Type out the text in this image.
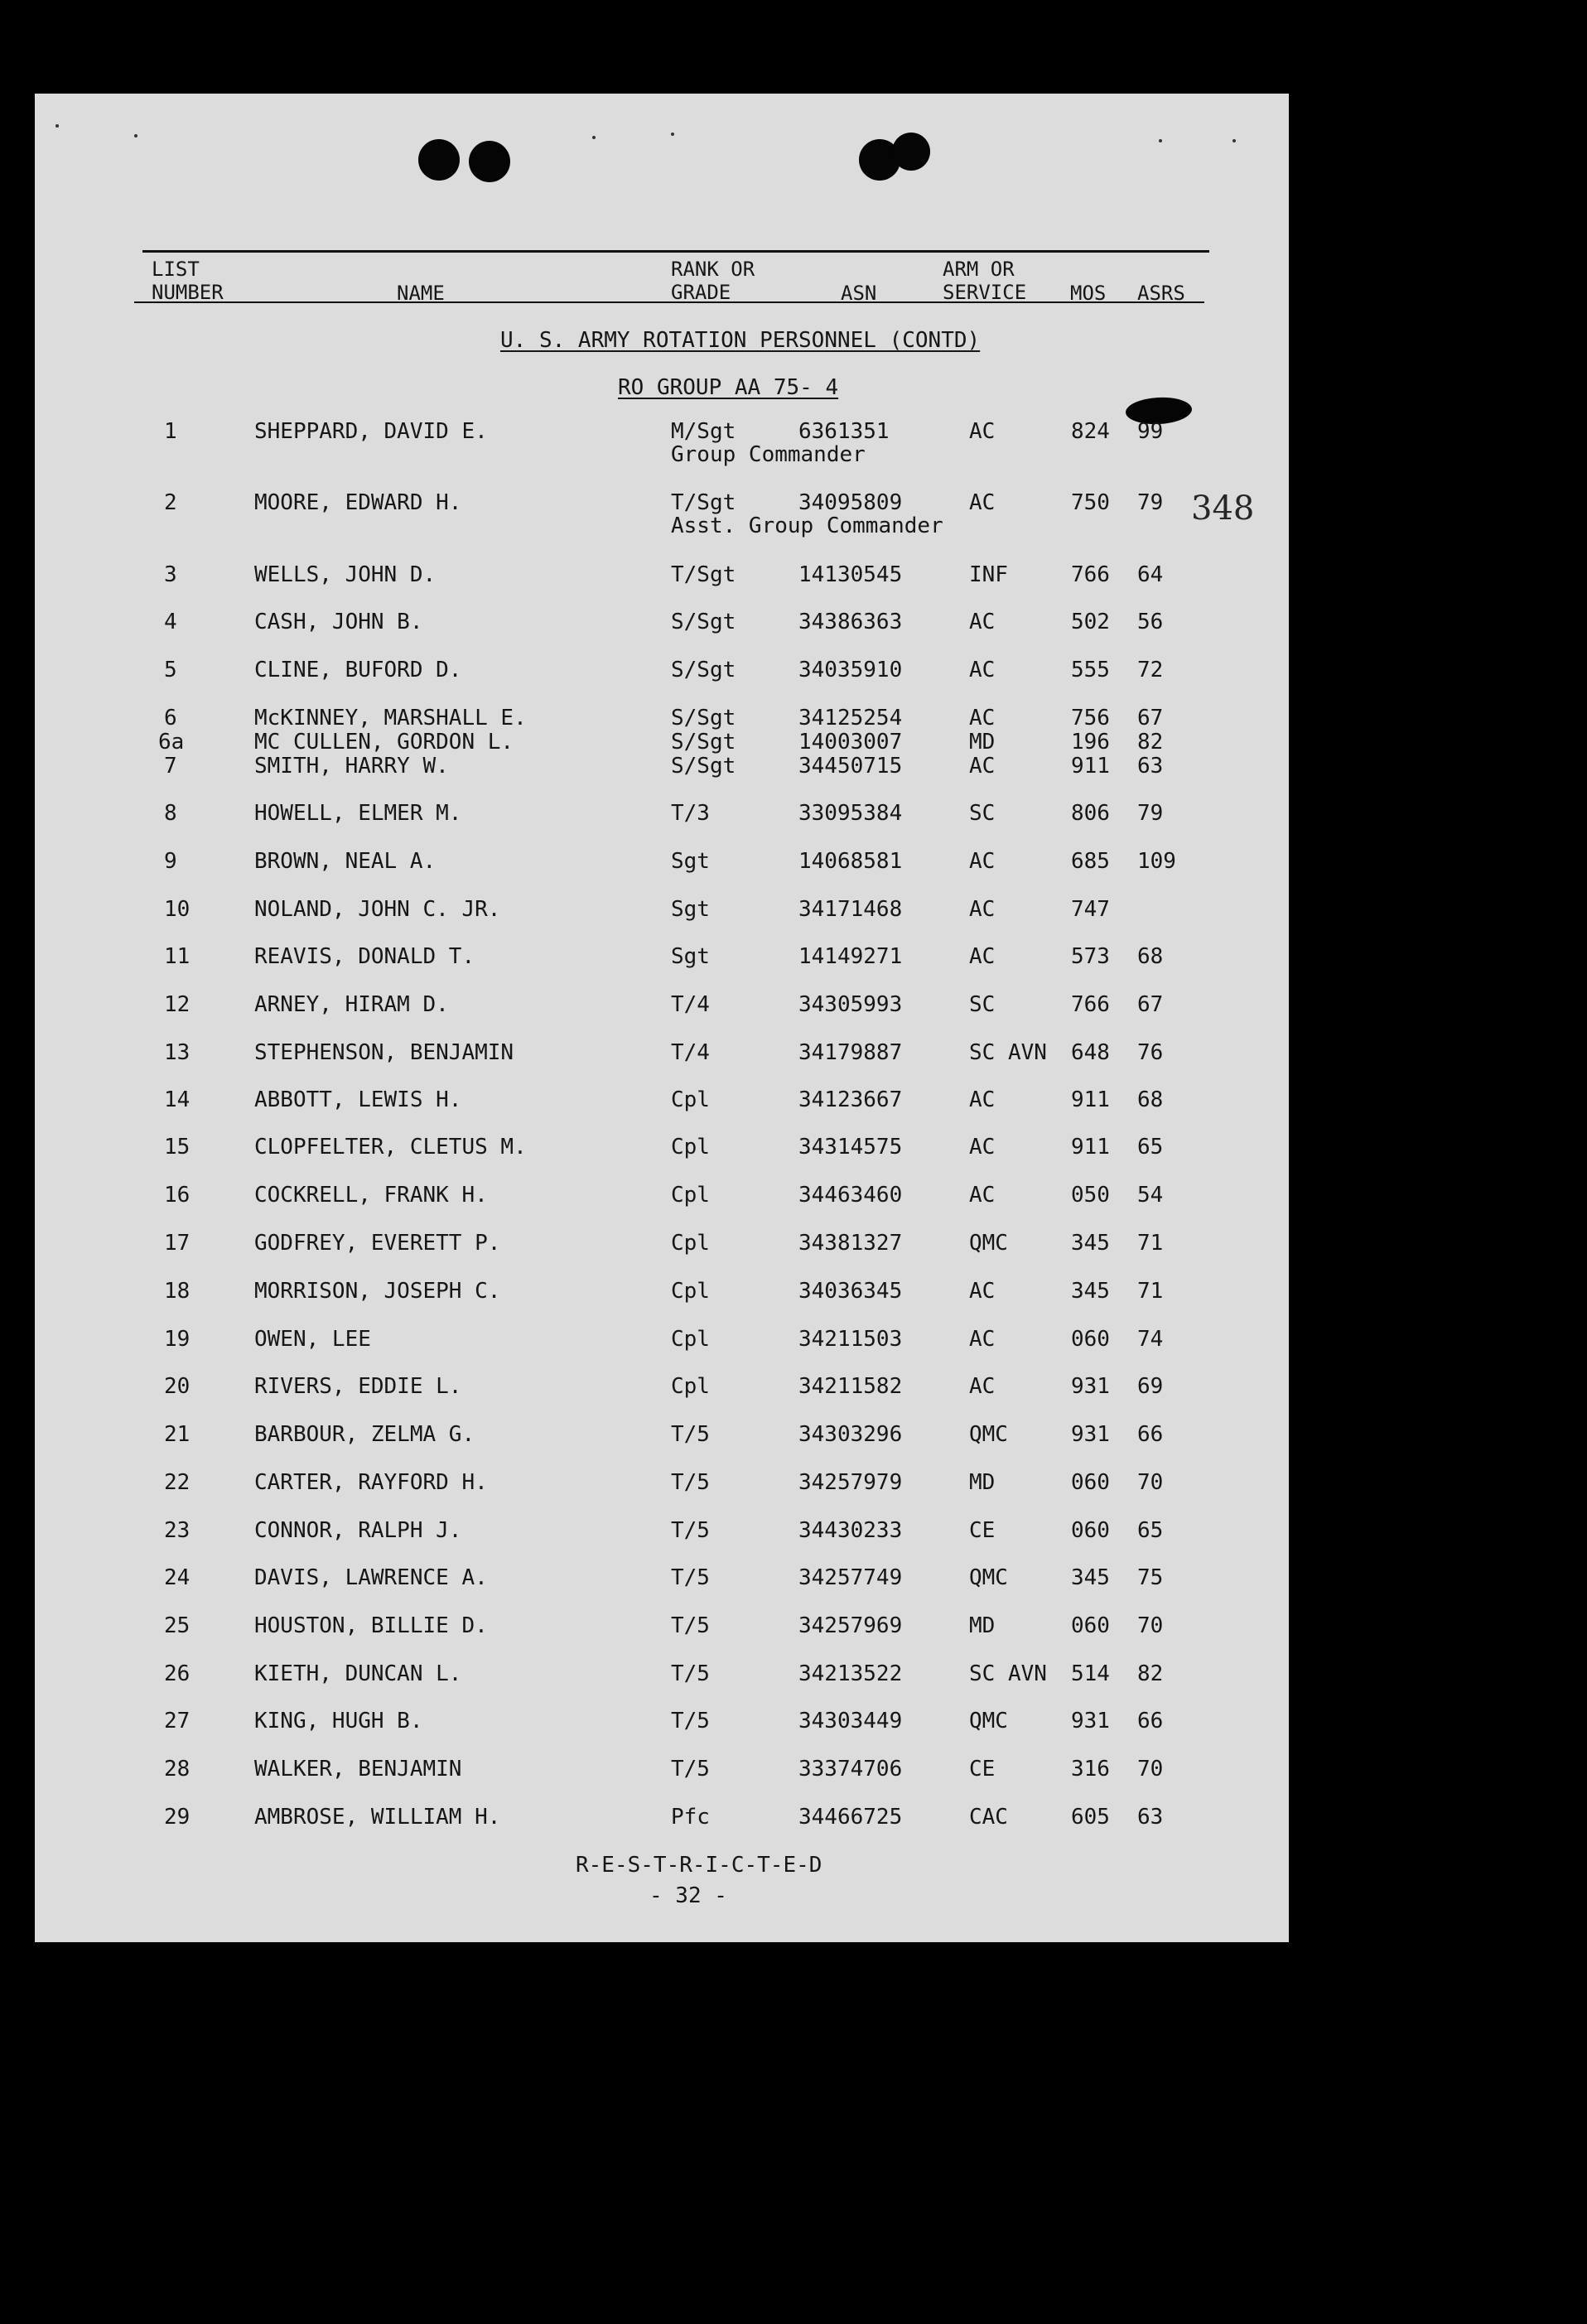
LIST
NUMBER	NAME
RANK OR
GRADE	ASN
ARM OR
SERVICE MOS ASRS
U. S. ARMY ROTATION PERSONNEL (CONTD)
RO GROUP AA 75- 4
348
1	SHEPPARD, DAVID E.	M/Sgt	6361351	AC	824 99
Group Commander
2	MOORE, EDWARD H.	T/Sgt	34095809	AC	750 79
Asst. Group Commander
3	WELLS, JOHN D.	T/Sgt	14130545	INF	766 64
4	CASH, JOHN B.	S/Sgt	34386363	AC	502 56
5	CLINE, BUFORD D.	S/Sgt	34035910	AC	555 72
6	McKINNEY, MARSHALL E.	S/Sgt	34125254	AC	756 67
6a	MC CULLEN, GORDON L.	S/Sgt	14003007	MD	196 82
7	SMITH, HARRY W.	S/Sgt	34450715	AC	911 63
8	HOWELL, ELMER M.	T/3	33095384	SC	806 79
9	BROWN, NEAL A.	Sgt	14068581	AC	685 109
10	NOLAND, JOHN C. JR.	Sgt	34171468	AC	747
11	REAVIS, DONALD T.	Sgt	14149271	AC	573 68
12	ARNEY, HIRAM D.	T/4	34305993	SC	766 67
13	STEPHENSON, BENJAMIN	T/4	34179887	SC AVN 648 76
14	ABBOTT, LEWIS H.	Cpl	34123667	AC	911 68
15	CLOPFELTER, CLETUS M.	Cpl	34314575	AC	911 65
16	COCKRELL, FRANK H.	Cpl	34463460	AC	050 54
17	GODFREY, EVERETT P.	Cpl	34381327	QMC	345 71
18	MORRISON, JOSEPH C.	Cpl	34036345	AC	345 71
19	OWEN, LEE	Cpl	34211503	AC	060 74
20	RIVERS, EDDIE L.	Cpl	34211582	AC	931 69
21	BARBOUR, ZELMA G.	T/5	34303296	QMC	931 66
22	CARTER, RAYFORD H.	T/5	34257979	MD	060 70
23	CONNOR, RALPH J.	T/5	34430233	CE	060 65
24	DAVIS, LAWRENCE A.	T/5	34257749	QMC	345 75
25	HOUSTON, BILLIE D.	T/5	34257969	MD	060 70
26	KIETH, DUNCAN L.	T/5	34213522	SC AVN 514 82
27	KING, HUGH B.	T/5	34303449	QMC	931 66
28	WALKER, BENJAMIN	T/5	33374706	CE	316 70
29	AMBROSE, WILLIAM H.	Pfc	34466725	CAC	605 63
R-E-S-T-R-I-C-T-E-D
- 32 -
